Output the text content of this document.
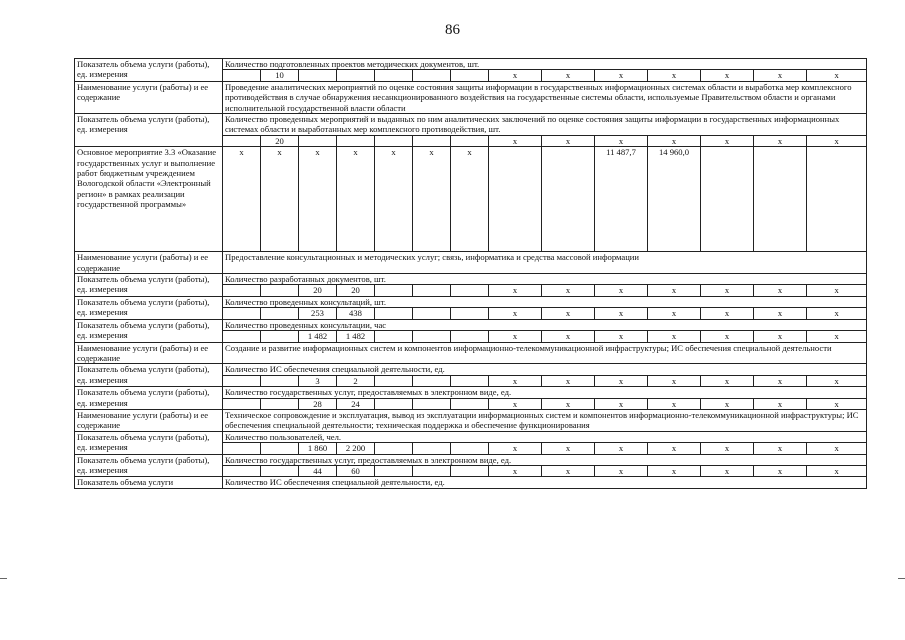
86
Показатель объема услуги (работы), ед. измерения	Количество подготовленных проектов методических документов, шт.													
		10						x	x	x	x	x	x	x
Наименование услуги (работы) и ее содержание	Проведение аналитических мероприятий по оценке состояния защиты информации в государственных информационных системах области и выработка мер комплексного противодействия в случае обнаружения несанкционированного воздействия на государственные системы области, используемые Правительством области и органами исполнительной государственной власти области													
Показатель объема услуги (работы), ед. измерения	Количество проведенных мероприятий и выданных по ним аналитических заключений по оценке состояния защиты информации в государственных информационных системах области и выработанных мер комплексного противодействия, шт.													
		20						x	x	x	x	x	x	x
Основное мероприятие 3.3 «Оказание государственных услуг и выполнение работ бюджетным учреждением Вологодской области «Электронный регион» в рамках реализации государственной программы»	x	x	x	x	x	x	x			11 487,7	14 960,0			
Наименование услуги (работы) и ее содержание	Предоставление консультационных и методических услуг; связь, информатика и средства массовой информации													
Показатель объема услуги (работы), ед. измерения	Количество разработанных документов, шт.													
			20	20				x	x	x	x	x	x	x
Показатель объема услуги (работы), ед. измерения	Количество проведенных консультаций, шт.													
			253	438				x	x	x	x	x	x	x
Показатель объема услуги (работы), ед. измерения	Количество проведенных консультации, час													
			1 482	1 482				x	x	x	x	x	x	x
Наименование услуги (работы) и ее содержание	Создание и развитие информационных систем и компонентов информационно-телекоммуникационной инфраструктуры; ИС обеспечения специальной деятельности													
Показатель объема услуги (работы), ед. измерения	Количество ИС обеспечения специальной деятельности, ед.													
			3	2				x	x	x	x	x	x	x
Показатель объема услуги (работы), ед. измерения	Количество государственных услуг, предоставляемых в электронном виде, ед.													
			28	24				x	x	x	x	x	x	x
Наименование услуги (работы) и ее содержание	Техническое сопровождение и эксплуатация, вывод из эксплуатации информационных систем и компонентов информационно-телекоммуникационной инфраструктуры; ИС обеспечения специальной деятельности; техническая поддержка и обеспечение функционирования													
Показатель объема услуги (работы), ед. измерения	Количество пользователей, чел.													
			1 860	2 200				x	x	x	x	x	x	x
Показатель объема услуги (работы), ед. измерения	Количество государственных услуг, предоставляемых в электронном виде, ед.													
			44	60				x	x	x	x	x	x	x
Показатель объема услуги	Количество ИС обеспечения специальной деятельности, ед.													
